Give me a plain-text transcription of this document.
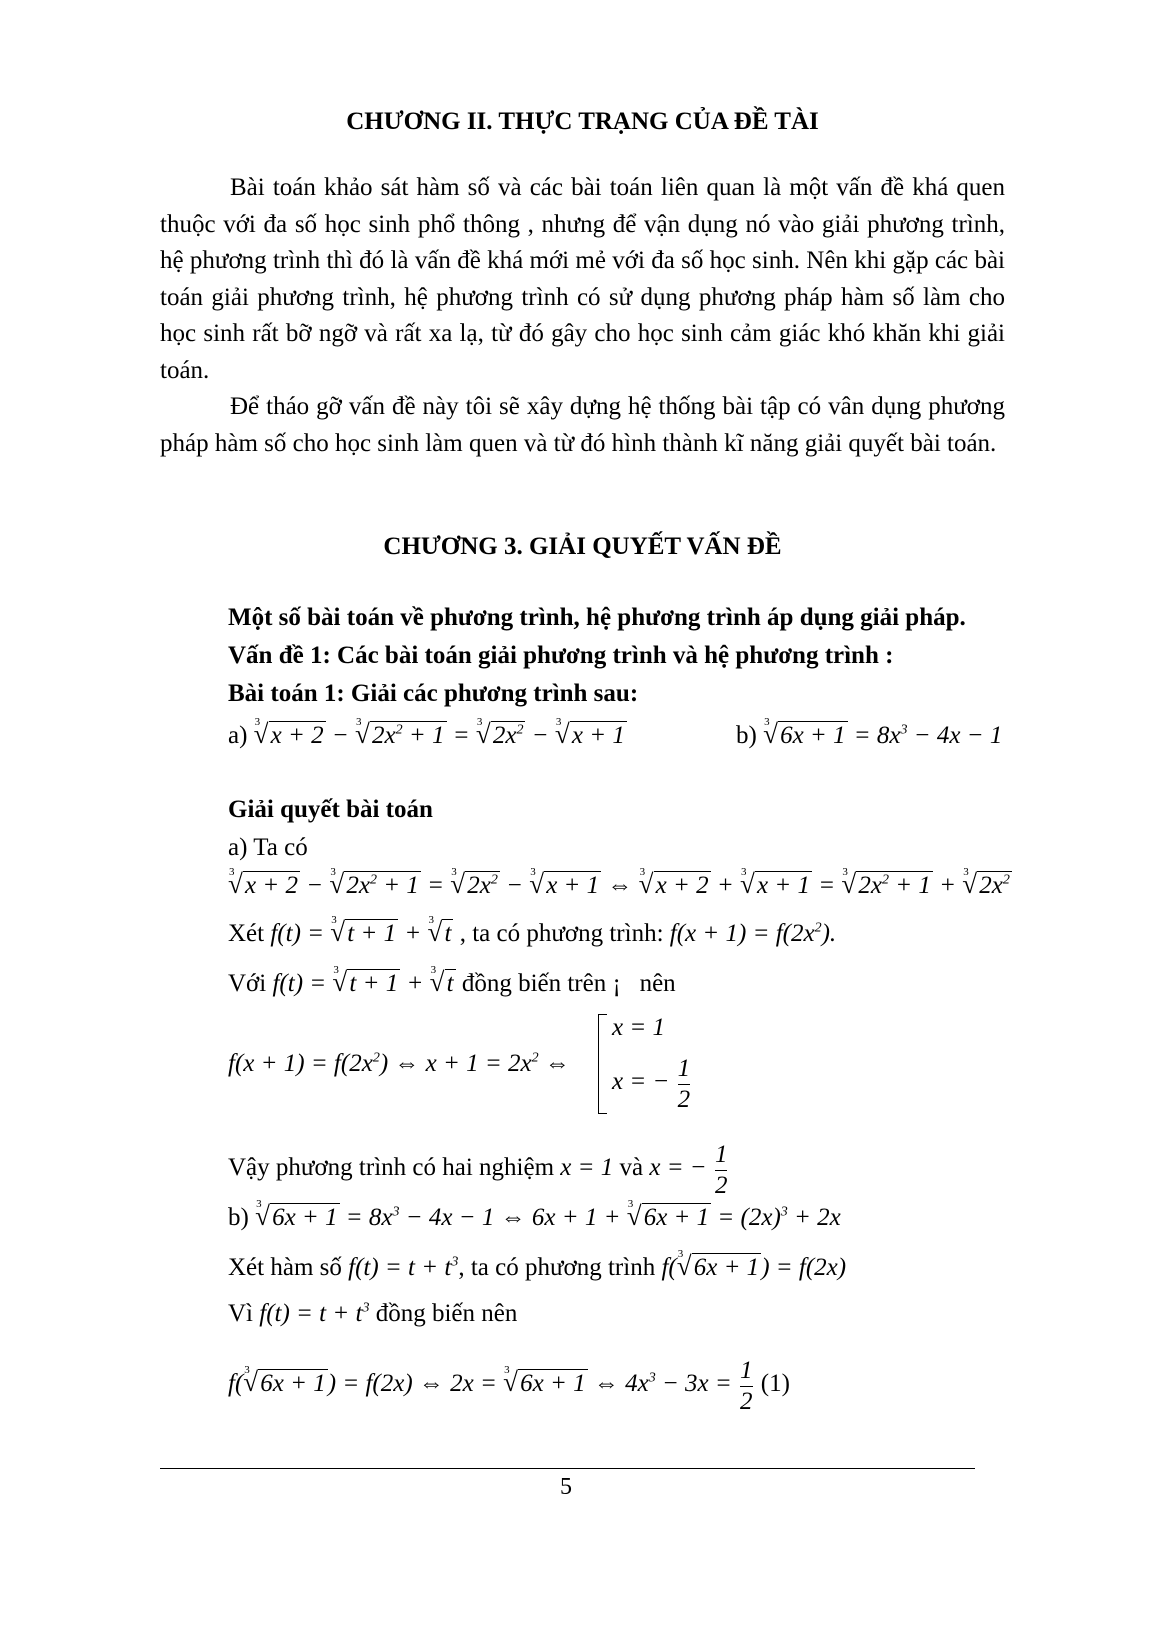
CHƯƠNG II. THỰC TRẠNG CỦA ĐỀ TÀI
Bài toán khảo sát hàm số và các bài toán liên quan là một vấn đề khá quen thuộc với đa số học sinh phổ thông , nhưng để vận dụng nó vào giải phương trình, hệ phương trình thì đó là vấn đề khá mới mẻ với đa số học sinh. Nên khi gặp các bài toán giải phương trình, hệ phương trình có sử dụng phương pháp hàm số làm cho học sinh rất bỡ ngỡ và rất xa lạ, từ đó gây cho học sinh cảm giác khó khăn khi giải toán.
Để tháo gỡ vấn đề này tôi sẽ xây dựng hệ thống bài tập có vân dụng phương pháp hàm số cho học sinh làm quen và từ đó hình thành kĩ năng giải quyết bài toán.
CHƯƠNG 3. GIẢI QUYẾT VẤN ĐỀ
Một số bài toán về phương trình, hệ phương trình áp dụng giải pháp.
Vấn đề 1: Các bài toán giải phương trình và hệ phương trình :
Bài toán 1: Giải các phương trình sau:
a) √ 3 x + 2 − √ 3 $2x^2 + 1$ = √ 3 $2x^2$ − √ 3 x + 1	b) √ 3 $6x + 1 = 8x^3 - 4x - 1$
Giải quyết bài toán
a) Ta có
√ 3 x + 2 − √ 3 $2x^2 + 1$ = √ 3 $2x^2$ − √ 3 x + 1 ⇔ √ 3 x + 2 + √ 3 x + 1 = √ 3 $2x^2 + 1$ + √ 3 $2x^2$
Xét f(t) = √ 3 t + 1 + √ 3 t , ta có phương trình: $f(x + 1) = f(2x^2)$.
Với f(t) = √ 3 t + 1 + √ 3 t đồng biến trên ¡ nên
$f(x + 1) = f(2x^2)$ ⇔ $x + 1 = 2x^2$ ⇔
x = 1
x = − $\frac{1}{2}$
Vậy phương trình có hai nghiệm x = 1 và x = − $\frac{1}{2}$
b) √ 3 $6x + 1 = 8x^3 - 4x - 1$ ⇔ 6x + 1 + √ 3 $6x + 1 = (2x)^3 + 2x$
Xét hàm số $f(t) = t + t^3$, ta có phương trình f( √ 3 6x + 1) = f(2x)
Vì $f(t) = t + t^3$ đồng biến nên
f( √ 3 6x + 1) = f(2x) ⇔ 2x = √ 3 6x + 1 ⇔ $4x^3 - 3x = \frac{1}{2} (1)$
5
